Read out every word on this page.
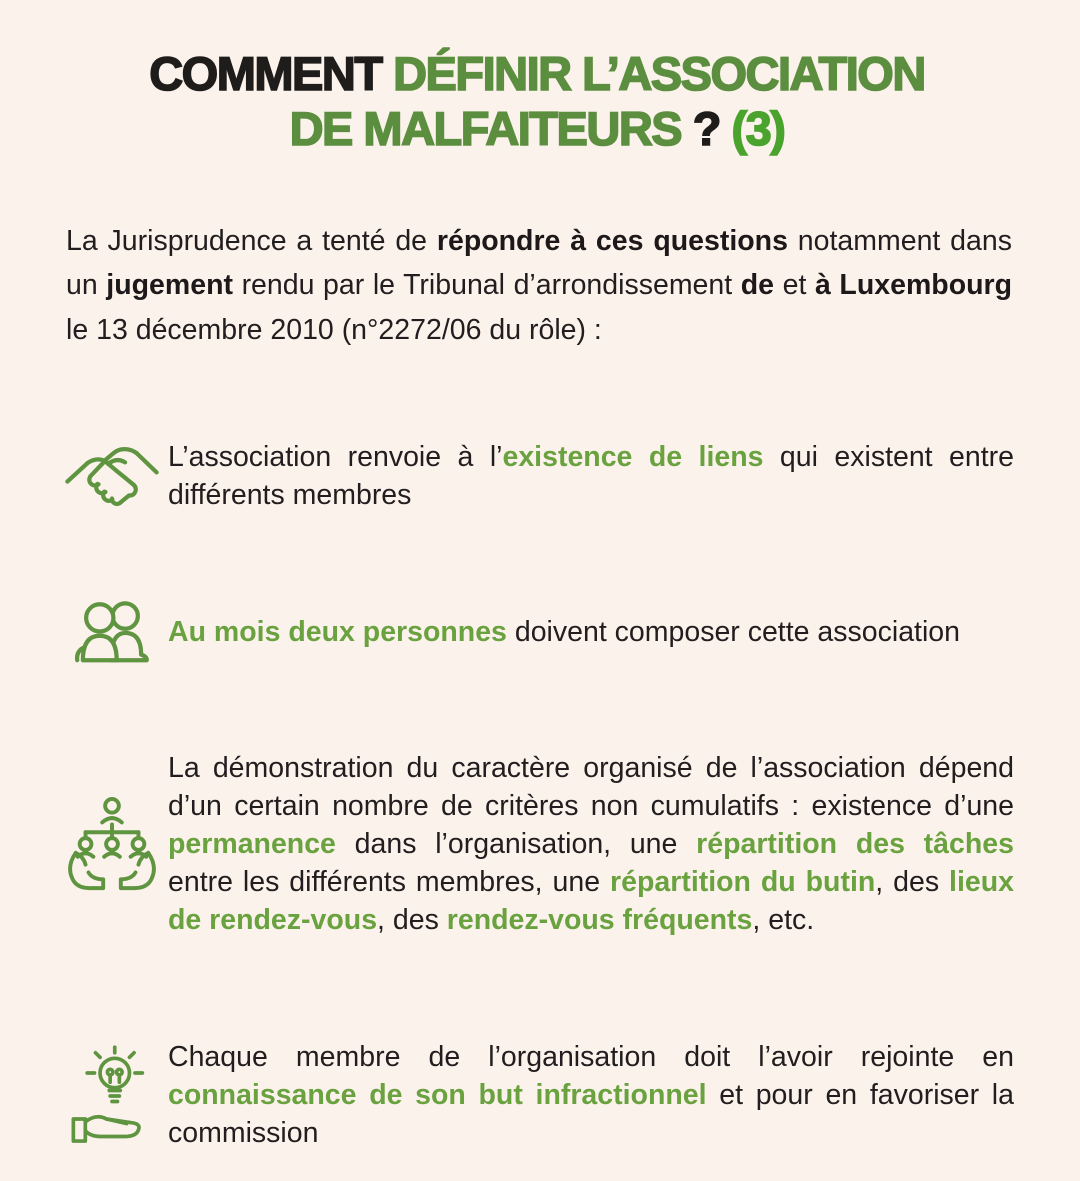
COMMENT DÉFINIR L’ASSOCIATION
DE MALFAITEURS ? (3)

La Jurisprudence a tenté de répondre à ces questions notamment dans un jugement rendu par le Tribunal d’arrondissement de et à Luxembourg le 13 décembre 2010 (n°2272/06 du rôle) :

L’association renvoie à l’existence de liens qui existent entre différents membres

Au mois deux personnes doivent composer cette association

La démonstration du caractère organisé de l’association dépend d’un certain nombre de critères non cumulatifs : existence d’une permanence dans l’organisation, une répartition des tâches entre les différents membres, une répartition du butin, des lieux de rendez-vous, des rendez-vous fréquents, etc.

Chaque membre de l’organisation doit l’avoir rejointe en connaissance de son but infractionnel et pour en favoriser la commission
